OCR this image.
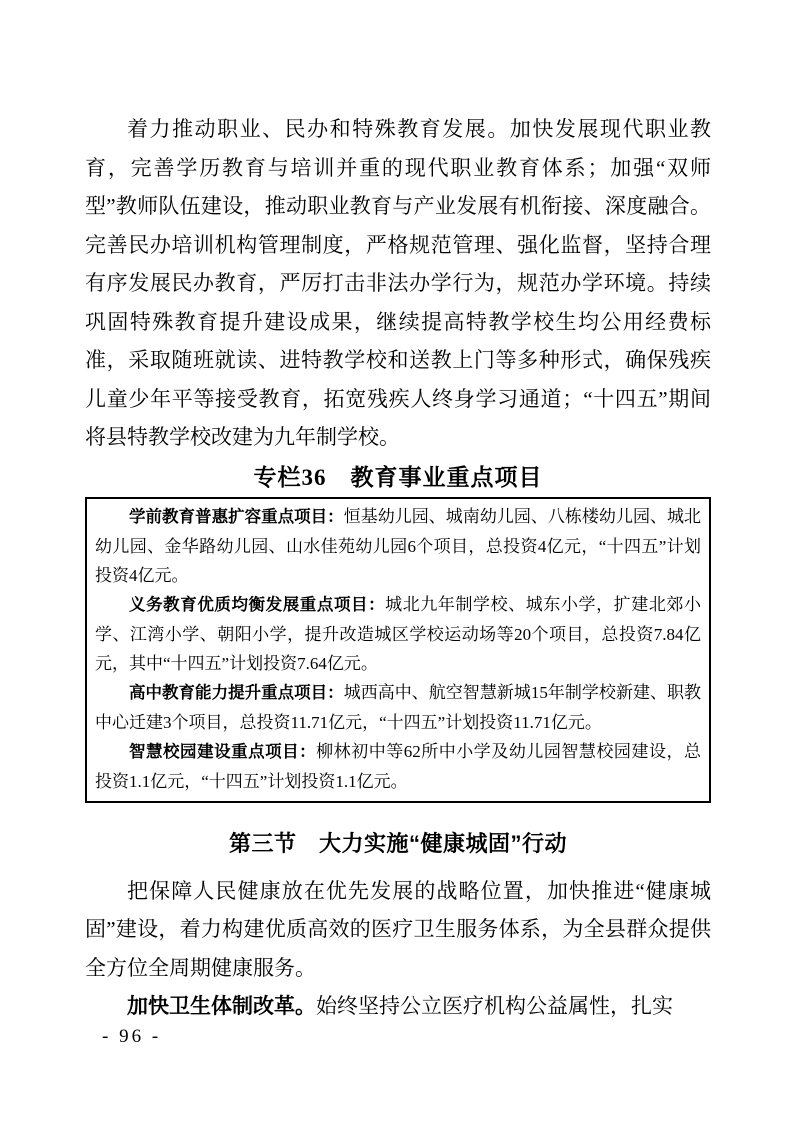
着力推动职业、民办和特殊教育发展。加快发展现代职业教育，完善学历教育与培训并重的现代职业教育体系；加强“双师型”教师队伍建设，推动职业教育与产业发展有机衔接、深度融合。完善民办培训机构管理制度，严格规范管理、强化监督，坚持合理有序发展民办教育，严厉打击非法办学行为，规范办学环境。持续巩固特殊教育提升建设成果，继续提高特教学校生均公用经费标准，采取随班就读、进特教学校和送教上门等多种形式，确保残疾儿童少年平等接受教育，拓宽残疾人终身学习通道；“十四五”期间将县特教学校改建为九年制学校。

专栏36　教育事业重点项目

学前教育普惠扩容重点项目：恒基幼儿园、城南幼儿园、八栋楼幼儿园、城北幼儿园、金华路幼儿园、山水佳苑幼儿园6个项目，总投资4亿元，“十四五”计划投资4亿元。

义务教育优质均衡发展重点项目：城北九年制学校、城东小学，扩建北郊小学、江湾小学、朝阳小学，提升改造城区学校运动场等20个项目，总投资7.84亿元，其中“十四五”计划投资7.64亿元。

高中教育能力提升重点项目：城西高中、航空智慧新城15年制学校新建、职教中心迁建3个项目，总投资11.71亿元，“十四五”计划投资11.71亿元。

智慧校园建设重点项目：柳林初中等62所中小学及幼儿园智慧校园建设，总投资1.1亿元，“十四五”计划投资1.1亿元。

第三节　大力实施“健康城固”行动

把保障人民健康放在优先发展的战略位置，加快推进“健康城固”建设，着力构建优质高效的医疗卫生服务体系，为全县群众提供全方位全周期健康服务。

加快卫生体制改革。始终坚持公立医疗机构公益属性，扎实

- 96 -
